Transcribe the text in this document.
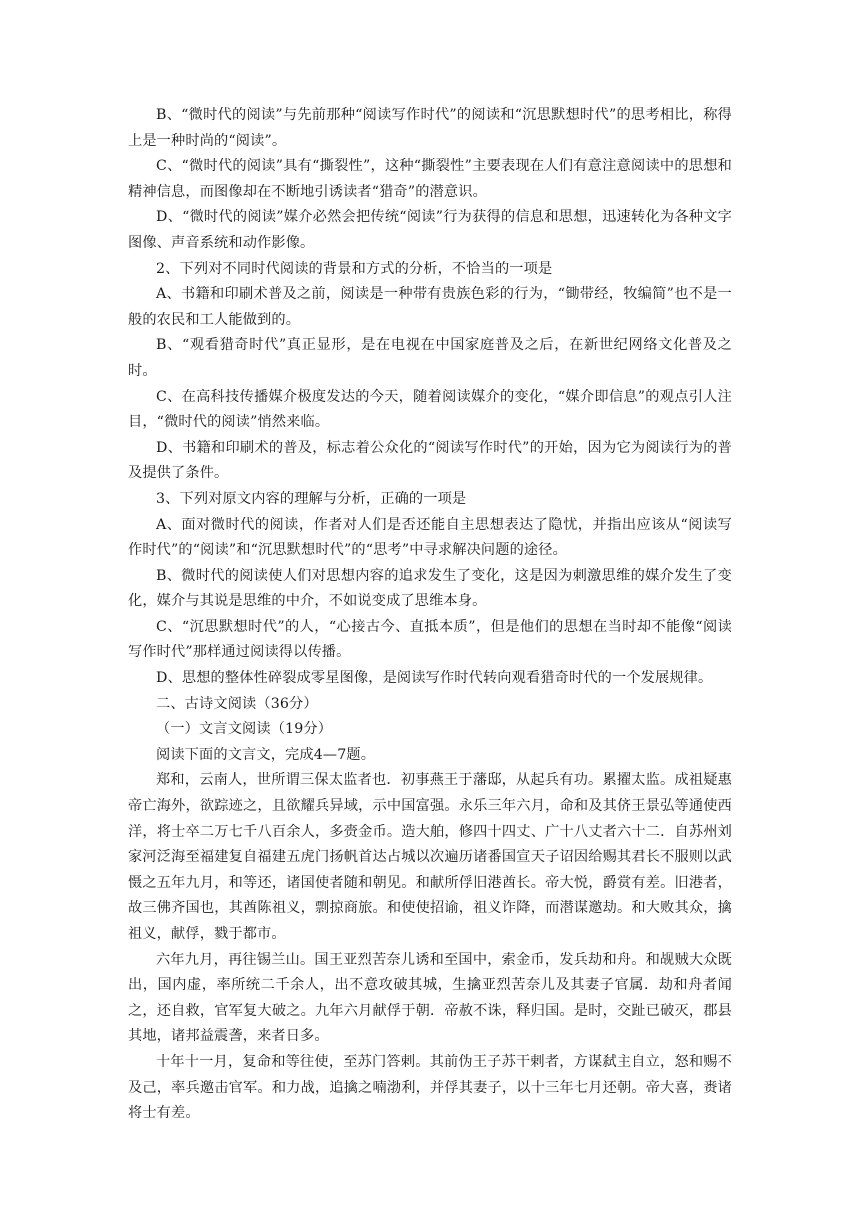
B、“微时代的阅读”与先前那种“阅读写作时代”的阅读和“沉思默想时代”的思考相比，称得上是一种时尚的“阅读”。

C、“微时代的阅读”具有“撕裂性”，这种“撕裂性”主要表现在人们有意注意阅读中的思想和精神信息，而图像却在不断地引诱读者“猎奇”的潜意识。

D、“微时代的阅读”媒介必然会把传统“阅读”行为获得的信息和思想，迅速转化为各种文字图像、声音系统和动作影像。

2、下列对不同时代阅读的背景和方式的分析，不恰当的一项是

A、书籍和印刷术普及之前，阅读是一种带有贵族色彩的行为，“锄带经，牧编简”也不是一般的农民和工人能做到的。

B、“观看猎奇时代”真正显形，是在电视在中国家庭普及之后，在新世纪网络文化普及之时。

C、在高科技传播媒介极度发达的今天，随着阅读媒介的变化，“媒介即信息”的观点引人注目，“微时代的阅读”悄然来临。

D、书籍和印刷术的普及，标志着公众化的“阅读写作时代”的开始，因为它为阅读行为的普及提供了条件。

3、下列对原文内容的理解与分析，正确的一项是

A、面对微时代的阅读，作者对人们是否还能自主思想表达了隐忧，并指出应该从“阅读写作时代”的“阅读”和“沉思默想时代”的“思考”中寻求解决问题的途径。

B、微时代的阅读使人们对思想内容的追求发生了变化，这是因为刺激思维的媒介发生了变化，媒介与其说是思维的中介，不如说变成了思维本身。

C、“沉思默想时代”的人，“心接古今、直抵本质”，但是他们的思想在当时却不能像“阅读写作时代”那样通过阅读得以传播。

D、思想的整体性碎裂成零星图像，是阅读写作时代转向观看猎奇时代的一个发展规律。

二、古诗文阅读（36分）

（一）文言文阅读（19分）

阅读下面的文言文，完成4—7题。

郑和，云南人，世所谓三保太监者也．初事燕王于藩邸，从起兵有功。累擢太监。成祖疑惠帝亡海外，欲踪迹之，且欲耀兵异域，示中国富强。永乐三年六月，命和及其侪王景弘等通使西洋，将士卒二万七千八百余人，多赍金币。造大舶，修四十四丈、广十八丈者六十二．自苏州刘家河泛海至福建复自福建五虎门扬帆首达占城以次遍历诸番国宣天子诏因给赐其君长不服则以武慑之五年九月，和等还，诸国使者随和朝见。和献所俘旧港酋长。帝大悦，爵赏有差。旧港者，故三佛齐国也，其酋陈祖义，剽掠商旅。和使使招谕，祖义诈降，而潜谋邀劫。和大败其众，擒祖义，献俘，戮于都市。

六年九月，再往锡兰山。国王亚烈苦奈儿诱和至国中，索金币，发兵劫和舟。和觇贼大众既出，国内虚，率所统二千余人，出不意攻破其城，生擒亚烈苦奈儿及其妻子官属．劫和舟者闻之，还自救，官军复大破之。九年六月献俘于朝．帝赦不诛，释归国。是时，交趾已破灭，郡县其地，诸邦益震詟，来者日多。

十年十一月，复命和等往使，至苏门答剌。其前伪王子苏干剌者，方谋弑主自立，怒和赐不及己，率兵邀击官军。和力战，追擒之喃渤利，并俘其妻子，以十三年七月还朝。帝大喜，赉诸将士有差。
